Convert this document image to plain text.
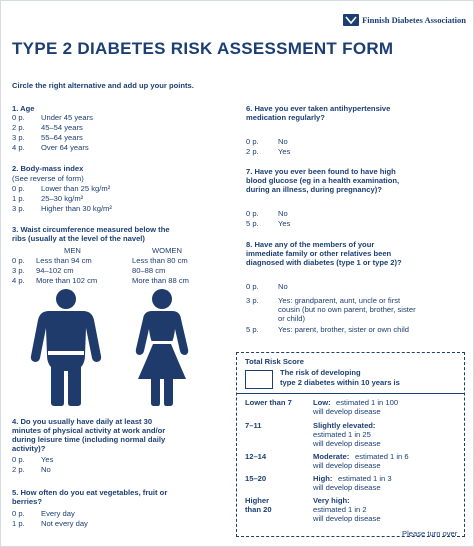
Finnish Diabetes Association
TYPE 2 DIABETES RISK ASSESSMENT FORM
Circle the right alternative and add up your points.
1. Age
0 p. Under 45 years
2 p. 45–54 years
3 p. 55–64 years
4 p. Over 64 years
2. Body-mass index
(See reverse of form)
0 p. Lower than 25 kg/m²
1 p. 25–30 kg/m²
3 p. Higher than 30 kg/m²
3. Waist circumference measured below the
ribs (usually at the level of the navel)
MEN	WOMEN
0 p. Less than 94 cm	Less than 80 cm
3 p. 94–102 cm	80–88 cm
4 p. More than 102 cm	More than 88 cm
4. Do you usually have daily at least 30
minutes of physical activity at work and/or
during leisure time (including normal daily
activity)?
0 p. Yes
2 p. No
5. How often do you eat vegetables, fruit or
berries?
0 p. Every day
1 p. Not every day
6. Have you ever taken antihypertensive
medication regularly?
0 p.	No
2 p.	Yes
7. Have you ever been found to have high
blood glucose (eg in a health examination,
during an illness, during pregnancy)?
0 p.	No
5 p.	Yes
8. Have any of the members of your
immediate family or other relatives been
diagnosed with diabetes (type 1 or type 2)?
0 p.	No
3 p.	Yes: grandparent, aunt, uncle or first
cousin (but no own parent, brother, sister
or child)
5 p.	Yes: parent, brother, sister or own child
Total Risk Score
The risk of developing
type 2 diabetes within 10 years is
Lower than 7	Low: estimated 1 in 100
will develop disease
7–11	Slightly elevated:
estimated 1 in 25
will develop disease
12–14	Moderate: estimated 1 in 6
will develop disease
15–20	High: estimated 1 in 3
will develop disease
Higher
than 20
Very high:
estimated 1 in 2
will develop disease
Please turn over
